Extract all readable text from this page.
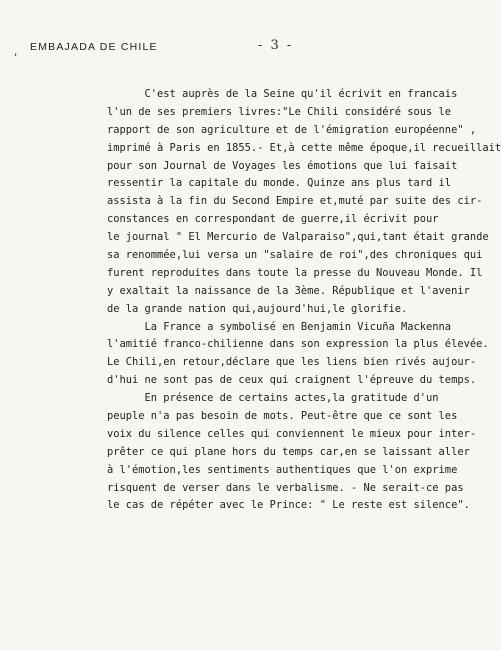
, EMBAJADA DE CHILE	- 3 -
C'est auprès de la Seine qu'il écrivit en francais
l'un de ses premiers livres:"Le Chili considéré sous le
rapport de son agriculture et de l'émigration européenne" ,
imprimé à Paris en 1855.- Et,à cette même époque,il recueillait
pour son Journal de Voyages les émotions que lui faisait
ressentir la capitale du monde. Quinze ans plus tard il
assista à la fin du Second Empire et,muté par suite des cir-
constances en correspondant de guerre,il écrivit pour
le journal " El Mercurio de Valparaiso",qui,tant était grande
sa renommée,lui versa un "salaire de roi",des chroniques qui
furent reproduites dans toute la presse du Nouveau Monde. Il
y exaltait la naissance de la 3ème. République et l'avenir
de la grande nation qui,aujourd'hui,le glorifie.
La France a symbolisé en Benjamin Vicuña Mackenna
l'amitié franco-chilienne dans son expression la plus élevée.
Le Chili,en retour,déclare que les liens bien rivés aujour-
d'hui ne sont pas de ceux qui craignent l'épreuve du temps.
En présence de certains actes,la gratitude d'un
peuple n'a pas besoin de mots. Peut-être que ce sont les
voix du silence celles qui conviennent le mieux pour inter-
prêter ce qui plane hors du temps car,en se laissant aller
à l'émotion,les sentiments authentiques que l'on exprime
risquent de verser dans le verbalisme. - Ne serait-ce pas
le cas de répéter avec le Prince: " Le reste est silence".
